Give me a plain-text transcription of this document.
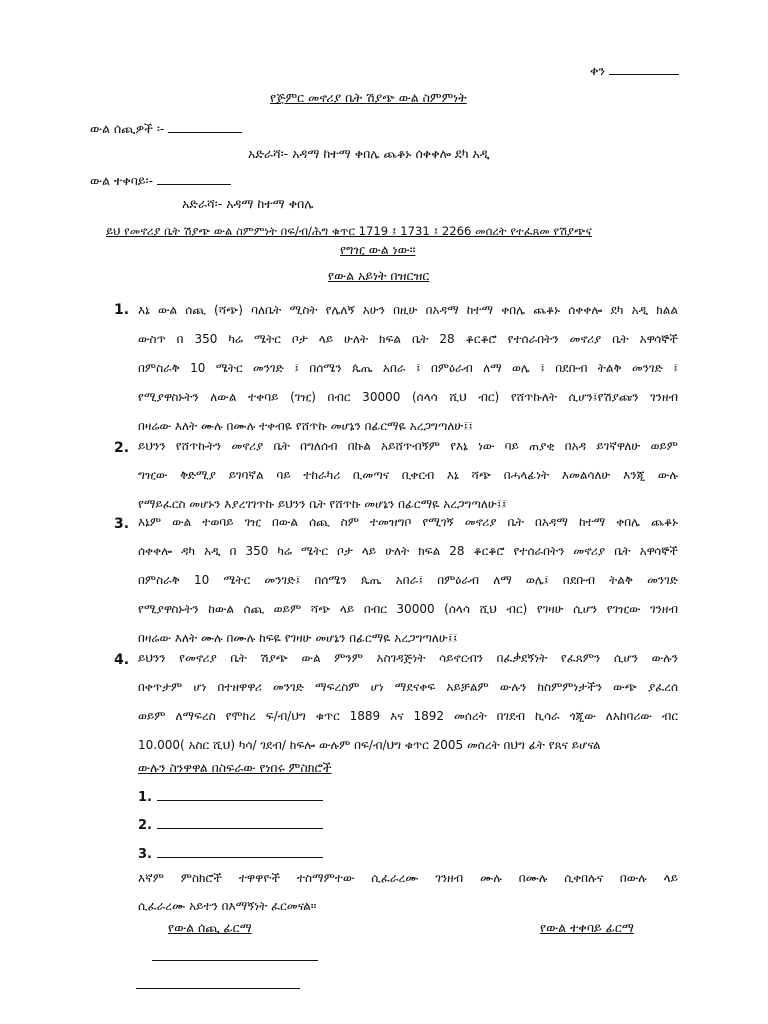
ቀን
የጅምር መኖሪያ ቤት ሽያጭ ውል ስምምነት
ውል ሰጪዎች ፡-
አድራሻ፡- አዳማ ከተማ ቀበሌ ጨቆኑ ሰቀቀሎ ደካ አዲ
ውል ተቀባይ፡-
አድራሻ፡- አዳማ ከተማ ቀበሌ
ይህ የመኖሪያ ቤት ሽያጭ ውል ስምምነት በፍ/ብ/ሕግ ቁጥር 1719 ፤ 1731 ፤ 2266 መሰረት የተፈጸመ የሽያጭና
የግዢ ውል ነው።
የውል አይነት በዝርዝር
1. እኔ ውል ሰጪ (ሻጭ) ባለቤት ሚስት የሌለኝ አሁን በዚሁ በአዳማ ከተማ ቀበሌ ጨቆኑ ሰቀቀሎ ደካ አዲ ክልል
ውስጥ በ 350 ካሬ ሜትር ቦታ ላይ ሁለት ክፍል ቤት 28 ቆርቆሮ የተሰራበትን መኖሪያ ቤት አዋሳኞች
በምስራቅ 10 ሜትር መንገድ ፤ በሰሜን ጴጤ አበራ ፤ በምዕራብ ለማ ወሌ ፤ በደቡብ ትልቅ መንገድ ፤
የሚያዋስኑትን ለውል ተቀባይ (ገዢ) በብር 30000 (ሰላሳ ሺህ ብር) የሸጥኩለት ሲሆን፤የሽያጩን ገንዘብ
በዛሬው እለት ሙሉ በሙሉ ተቀብዬ የሸጥኩ መሆኔን በፊርማዬ አረጋግጣለሁ፤፤
2. ይህንን የሸጥኩትን መኖሪያ ቤት በግለሰብ በኩል አይሸጥብኝም የእኔ ነው ባይ ጠያቂ በአዳ ይገኛዋለሁ ወይም
ግዢው ቅድሚያ ይገባኛል ባይ ተከራካሪ ቢመጣና ቢቀርብ እኔ ሻጭ በሓላፊነት እመልሳለሁ እንጂ ውሉ
የማይፈርስ መሆኑን እያረገገጥኩ ይህንን ቤት የሸጥኩ መሆኔን በፊርማዬ አረጋግጣለሁ፤፤
3. እኔም ውል ተወባይ ገዢ በውል ሰጪ ስም ተመዝግቦ የሚገኝ መኖሪያ ቤት በአዳማ ከተማ ቀበሌ ጨቆኑ
ሰቀቀሎ ዳካ አዲ በ 350 ካሬ ሜትር ቦታ ላይ ሁለት ክፍል 28 ቆርቆሮ የተሰራበትን መኖሪያ ቤት አዋሳኞች
በምስራቅ 10 ሜትር መንገድ፤ በሰሜን ጴጤ አበራ፤ በምዕራብ ለማ ወሌ፤ በደቡብ ትልቅ መንገድ
የሚያዋስኑትን ከውል ሰጪ ወይም ሻጭ ላይ በብር 30000 (ሰላሳ ሺህ ብር) የገዛሁ ሲሆን የገዢው ገንዘብ
በዛሬው እለት ሙሉ በሙሉ ከፍዬ የገዛሁ መሆኔን በፊርማዬ አረጋግጣለሁ፤፤
4. ይህንን የመኖሪያ ቤት ሽያጭ ውል ምንም አስገዳጅነት ሳይኖርብን በፈቃደኝነት የፈጸምን ሲሆን ውሉን
በቀጥታም ሆነ በተዘዋዋሪ መንገድ ማፍረስም ሆነ ማደናቀፍ አይቻልም ውሉን ከስምምነታችን ውጭ ያፈረሰ
ወይም ለማፍረስ የሞከረ ፍ/ብ/ህግ ቁጥር 1889 እና 1892 መሰረት በገደብ ኪሳራ ጎጂው ለአከባሪው ብር
10.000( አስር ሺህ) ካሳ/ ገደብ/ ከፍሎ ውሉም በፍ/ብ/ህግ ቁጥር 2005 መሰረት በህግ ፊት የጸና ይሆናል
ውሉን ስንዋዋል በስፍራው የነበሩ ምስክሮች
1.
2.
3.
እኛም ምስክሮች ተዋዋዮች ተስማምተው ሲፈራረሙ ገንዘብ ሙሉ በሙሉ ሲቀበሉና በውሉ ላይ
ሲፈራረሙ አይተን በእማኝነት ፈርመናል።
የውል ሰጪ ፊርማ	የውል ተቀባይ ፊርማ
